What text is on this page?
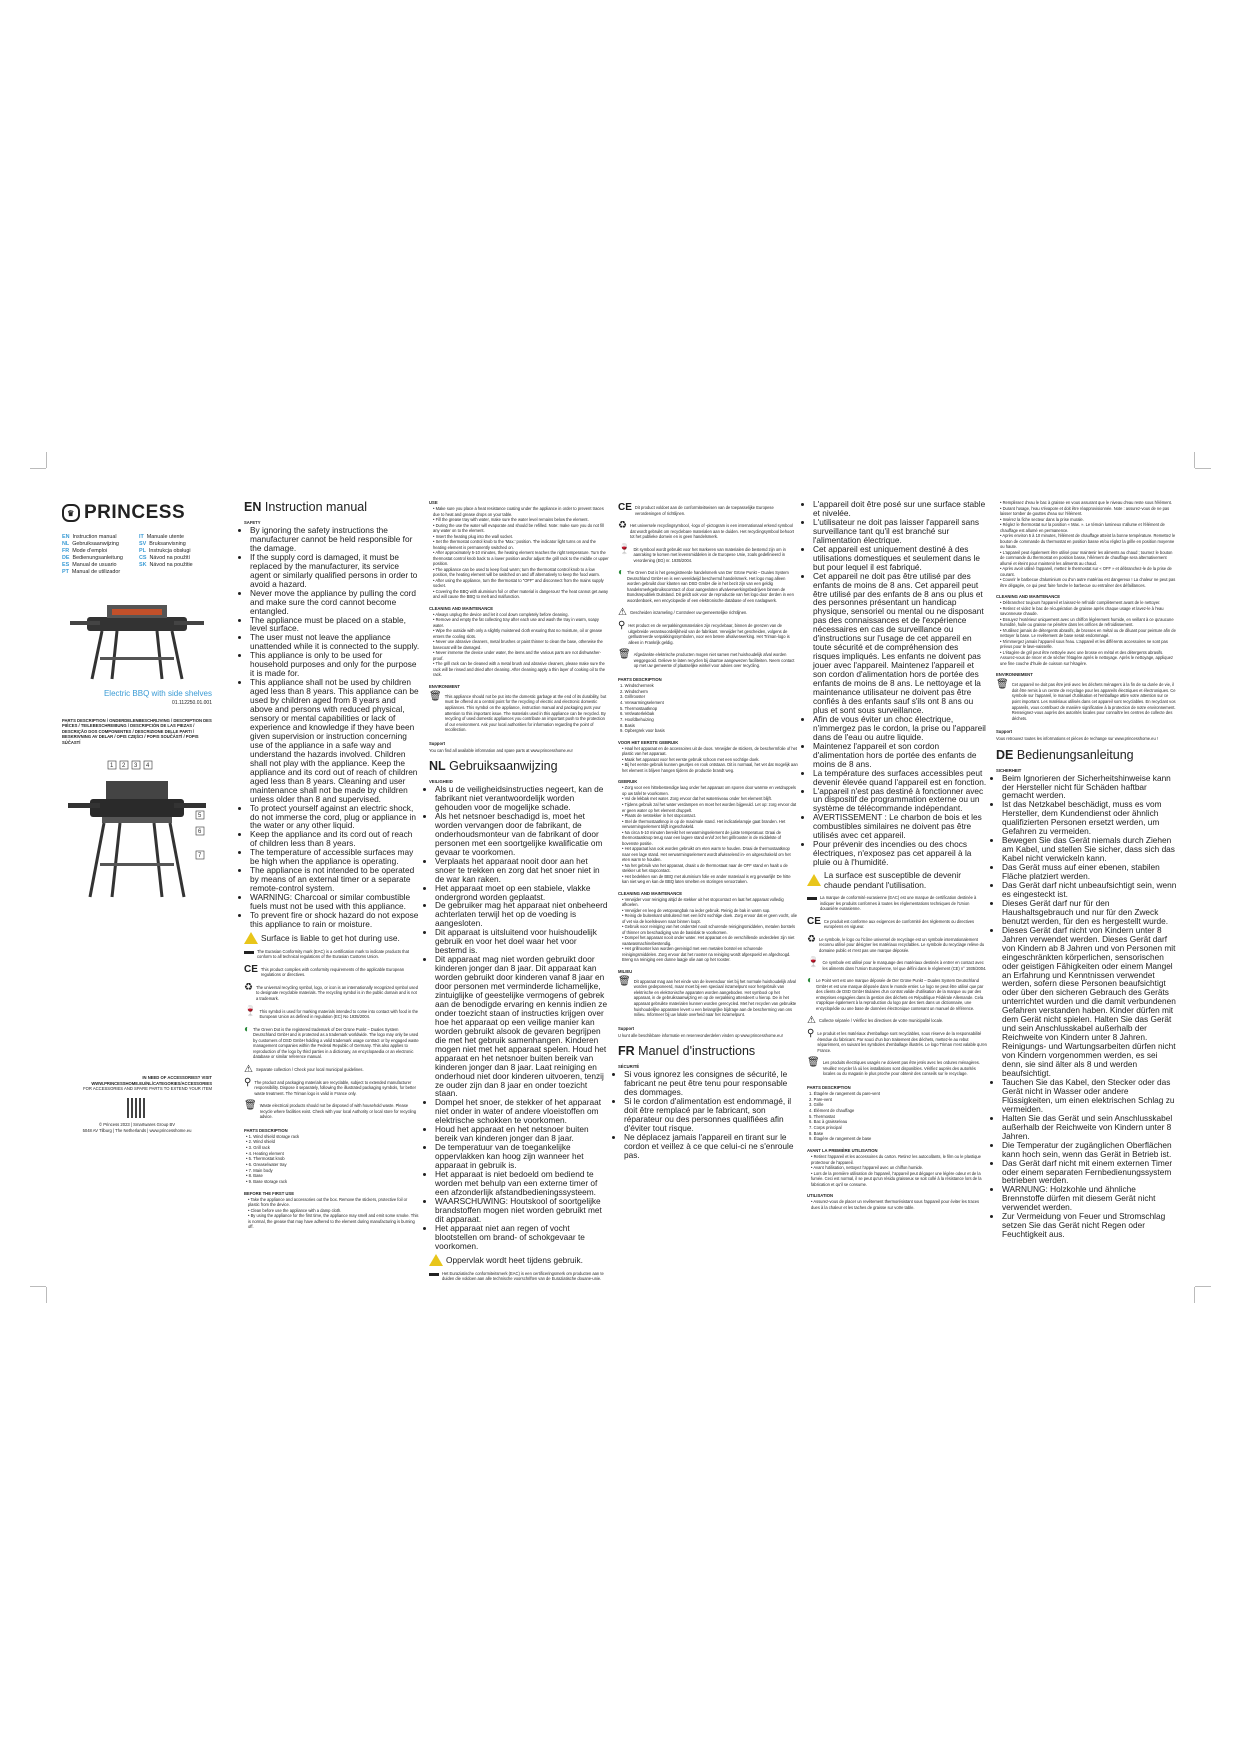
♛ PRINCESS
EN Instruction manual	IT Manuale utente
NL Gebruiksaanwijzing	SV Bruksanvisning
FR Mode d'emploi	PL Instrukcja obsługi
DE Bedienungsanleitung	CS Návod na použití
ES Manual de usuario	SK Návod na použitie
PT Manual de utilizador
Electric BBQ with side shelves
01.112250.01.001
PARTS DESCRIPTION / ONDERDELENBESCHRIJVING / DESCRIPTION DES PIÈCES / TEILEBESCHREIBUNG / DESCRIPCIÓN DE LAS PIEZAS / DESCRIÇÃO DOS COMPONENTES / DESCRIZIONE DELLE PARTI / BESKRIVNING AV DELAR / OPIS CZĘŚCI / POPIS SOUČÁSTÍ / POPIS SÚČASTÍ
1 2 3 4
5
6
7
IN NEED OF ACCESSORIES? VISIT
WWW.PRINCESSHOME.EU/NL/CATEGORIES/ACCESSORIES
FOR ACCESSORIES AND SPARE PARTS TO EXTEND YOUR ITEM
© Princess 2023 | Smartwares Group BV
5048 AV Tilburg | The Netherlands | www.princesshome.eu
EN Instruction manual
SAFETY
• By ignoring the safety instructions the manufacturer cannot be held responsible for the damage.
• If the supply cord is damaged, it must be replaced by the manufacturer, its service agent or similarly qualified persons in order to avoid a hazard.
• Never move the appliance by pulling the cord and make sure the cord cannot become entangled.
• The appliance must be placed on a stable, level surface.
• The user must not leave the appliance unattended while it is connected to the supply.
• This appliance is only to be used for household purposes and only for the purpose it is made for.
• This appliance shall not be used by children aged less than 8 years. This appliance can be used by children aged from 8 years and above and persons with reduced physical, sensory or mental capabilities or lack of experience and knowledge if they have been given supervision or instruction concerning use of the appliance in a safe way and understand the hazards involved. Children shall not play with the appliance. Keep the appliance and its cord out of reach of children aged less than 8 years. Cleaning and user maintenance shall not be made by children unless older than 8 and supervised.
• To protect yourself against an electric shock, do not immerse the cord, plug or appliance in the water or any other liquid.
• Keep the appliance and its cord out of reach of children less than 8 years.
• The temperature of accessible surfaces may be high when the appliance is operating.
• The appliance is not intended to be operated by means of an external timer or a separate remote-control system.
• WARNING: Charcoal or similar combustible fuels must not be used with this appliance.
• To prevent fire or shock hazard do not expose this appliance to rain or moisture.
Surface is liable to get hot during use.
▬ The Eurasian Conformity mark (EAC) is a certification mark to indicate products that conform to all technical regulations of the Eurasian Customs Union.
CE This product complies with conformity requirements of the applicable European regulations or directives.
♻ The universal recycling symbol, logo, or icon is an internationally recognized symbol used to designate recyclable materials. The recycling symbol is in the public domain and is not a trademark.
🍷 This symbol is used for marking materials intended to come into contact with food in the European Union as defined in regulation (EC) No 1935/2004.
◐ The Green Dot is the registered trademark of Der Grüne Punkt – Duales System Deutschland GmbH and is protected as a trademark worldwide. The logo may only be used by customers of DSD GmbH holding a valid trademark usage contract or by engaged waste management companies within the Federal Republic of Germany. This also applies to reproduction of the logo by third parties in a dictionary, an encyclopaedia or an electronic database or similar reference manual.
⚠ Separate collection / Check your local municipal guidelines.
⚲ The product and packaging materials are recyclable, subject to extended manufacturer responsibility. Dispose it separately, following the illustrated packaging symbols, for better waste treatment. The Triman logo is valid in France only.
🗑 Waste electrical products should not be disposed of with household waste. Please recycle where facilities exist. Check with your local Authority or local store for recycling advice.
PARTS DESCRIPTION
• 1. Wind shield storage rack
• 2. Wind shield
• 3. Grill rack
• 4. Heating element
• 5. Thermostat knob
• 6. Grease/water tray
• 7. Main body
• 8. Base
• 9. Base storage rack
BEFORE THE FIRST USE
• Take the appliance and accessories out the box. Remove the stickers, protective foil or plastic from the device.
• Clean before use the appliance with a damp cloth.
• By using the appliance for the first time, the appliance may smell and emit some smoke. This is normal, the grease that may have adhered to the element during manufacturing is burning off.
USE
• Make sure you place a heat resistance coating under the appliance in order to prevent traces due to heat and grease drops on your table.
• Fill the grease tray with water, make sure the water level remains below the element.
• During the use the water will evaporate and should be refilled. Note: make sure you do not fill any water on to the element.
• Insert the heating plug into the wall socket.
• Set the thermostat control knob to the 'Max.' position. The indicator light turns on and the heating element is permanently switched on.
• After approximately 5-10 minutes, the heating element reaches the right temperature. Turn the thermostat control knob back to a lower position and/or adjust the grill rack to the middle or upper position.
• The appliance can be used to keep food warm; turn the thermostat control knob to a low position, the heating element will be switched on and off alternatively to keep the food warm.
• After using the appliance, turn the thermostat to "OFF" and disconnect from the mains supply socket.
• Covering the BBQ with aluminium foil or other material is dangerous! The heat cannot get away and will cause the BBQ to melt and malfunction.
CLEANING AND MAINTENANCE
• Always unplug the device and let it cool down completely before cleaning.
• Remove and empty the fat collecting tray after each use and wash the tray in warm, soapy water.
• Wipe the outside with only a slightly moistened cloth ensuring that no moisture, oil or grease enters the cooling slots.
• Never use abrasive cleaners, metal brushes or paint thinner to clean the base, otherwise the basecoat will be damaged.
• Never immerse the device under water, the items and the various parts are not dishwasher-proof.
• The grill rack can be cleaned with a metal brush and abrasive cleaners, please make sure the rack will be rinsed and dried after cleaning. After cleaning apply a thin layer of cooking oil to the rack.
ENVIRONMENT
🗑 This appliance should not be put into the domestic garbage at the end of its durability, but must be offered at a central point for the recycling of electric and electronic domestic appliances. This symbol on the appliance, instruction manual and packaging puts your attention to this important issue. The materials used in this appliance can be recycled. By recycling of used domestic appliances you contribute an important push to the protection of our environment. Ask your local authorities for information regarding the point of recollection.
Support
You can find all available information and spare parts at www.princesshome.eu!
NL Gebruiksaanwijzing
VEILIGHEID
• Als u de veiligheidsinstructies negeert, kan de fabrikant niet verantwoordelijk worden gehouden voor de mogelijke schade.
• Als het netsnoer beschadigd is, moet het worden vervangen door de fabrikant, de onderhoudsmonteur van de fabrikant of door personen met een soortgelijke kwalificatie om gevaar te voorkomen.
• Verplaats het apparaat nooit door aan het snoer te trekken en zorg dat het snoer niet in de war kan raken.
• Het apparaat moet op een stabiele, vlakke ondergrond worden geplaatst.
• De gebruiker mag het apparaat niet onbeheerd achterlaten terwijl het op de voeding is aangesloten.
• Dit apparaat is uitsluitend voor huishoudelijk gebruik en voor het doel waar het voor bestemd is.
• Dit apparaat mag niet worden gebruikt door kinderen jonger dan 8 jaar. Dit apparaat kan worden gebruikt door kinderen vanaf 8 jaar en door personen met verminderde lichamelijke, zintuiglijke of geestelijke vermogens of gebrek aan de benodigde ervaring en kennis indien ze onder toezicht staan of instructies krijgen over hoe het apparaat op een veilige manier kan worden gebruikt alsook de gevaren begrijpen die met het gebruik samenhangen. Kinderen mogen niet met het apparaat spelen. Houd het apparaat en het netsnoer buiten bereik van kinderen jonger dan 8 jaar. Laat reiniging en onderhoud niet door kinderen uitvoeren, tenzij ze ouder zijn dan 8 jaar en onder toezicht staan.
• Dompel het snoer, de stekker of het apparaat niet onder in water of andere vloeistoffen om elektrische schokken te voorkomen.
• Houd het apparaat en het netsnoer buiten bereik van kinderen jonger dan 8 jaar.
• De temperatuur van de toegankelijke oppervlakken kan hoog zijn wanneer het apparaat in gebruik is.
• Het apparaat is niet bedoeld om bediend te worden met behulp van een externe timer of een afzonderlijk afstandbedieningssysteem.
• WAARSCHUWING: Houtskool of soortgelijke brandstoffen mogen niet worden gebruikt met dit apparaat.
• Het apparaat niet aan regen of vocht blootstellen om brand- of schokgevaar te voorkomen.
Oppervlak wordt heet tijdens gebruik.
▬ Het Euraziatische conformiteitsmerk (EAC) is een certificeringsmerk om producten aan te duiden die voldoen aan alle technische voorschriften van de Euraziatische douane-unie.
CE Dit product voldoet aan de conformiteitseisen van de toepasselijke Europese verordeningen of richtlijnen.
♻ Het universele recyclingsymbool, -logo of -pictogram is een internationaal erkend symbool dat wordt gebruikt om recyclebare materialen aan te duiden. Het recyclingsymbool behoort tot het publieke domein en is geen handelsmerk.
🍷 Dit symbool wordt gebruikt voor het markeren van materialen die bestemd zijn om in aanraking te komen met levensmiddelen in de Europese Unie, zoals gedefinieerd in verordening (EG) nr. 1935/2004.
◐ The Green Dot is het geregistreerde handelsmerk van Der Grüne Punkt – Duales System Deutschland GmbH en is een wereldwijd beschermd handelsmerk. Het logo mag alleen worden gebruikt door klanten van DSD GmbH die in het bezit zijn van een geldig handelsmerkgebruikscontract of door aangesloten afvalverwerkingsbedrijven binnen de Bondsrepubliek Duitsland. Dit geldt ook voor de reproductie van het logo door derden in een woordenboek, een encyclopedie of een elektronische database of een naslagwerk.
⚠ Gescheiden inzameling / Controleer uw gemeentelijke richtlijnen.
⚲ Het product en de verpakkingsmaterialen zijn recyclebaar, binnen de grenzen van de uitgebreide verantwoordelijkheid van de fabrikant. Verwijder het gescheiden, volgens de geïllustreerde verpakkingssymbolen, voor een betere afvalverwerking. Het Triman-logo is alleen in Frankrijk geldig.
🗑 Afgedankte elektrische producten mogen niet samen met huishoudelijk afval worden weggegooid. Gelieve te laten recyclen bij daartoe aangewezen faciliteiten. Neem contact op met uw gemeente of plaatselijke winkel voor advies over recycling.
PARTS DESCRIPTION
1. Windschermrek
2. Windscherm
3. Grillrooster
4. Verwarmingselement
5. Thermostaatknop
6. Vet/waterlekbak
7. Hoofdbehuizing
8. Basis
9. Opbergrek voor basis
VOOR HET EERSTE GEBRUIK
• Haal het apparaat en de accessoires uit de doos. Verwijder de stickers, de beschermfolie of het plastic van het apparaat.
• Maak het apparaat voor het eerste gebruik schoon met een vochtige doek.
• Bij het eerste gebruik kunnen geurtjes en rook ontstaan. Dit is normaal, het vet dat mogelijk aan het element is blijven hangen tijdens de productie brandt weg.
GEBRUIK
• Zorg voor een hittebestendige laag onder het apparaat om sporen door warmte en vetdruppels op uw tafel te voorkomen.
• Vul de lekbak met water. Zorg ervoor dat het waterniveau onder het element blijft.
• Tijdens gebruik zal het water verdampen en moet het worden bijgevuld. Let op: zorg ervoor dat er geen water op het element druppelt.
• Plaats de netstekker in het stopcontact.
• Stel de thermostaatknop in op de maximale stand. Het indicatielampje gaat branden. Het verwarmingselement blijft ingeschakeld.
• Na circa 5-10 minuten bereikt het verwarmingselement de juiste temperatuur. Draai de thermostaatknop terug naar een lagere stand en/of zet het grillrooster in de middelste of bovenste positie.
• Het apparaat kan ook worden gebruikt om eten warm te houden. Draai de thermostaatknop naar een lage stand. Het verwarmingselement wordt afwisselend in- en uitgeschakeld om het eten warm te houden.
• Na het gebruik van het apparaat, draait u de thermostaat naar de OFF stand en haalt u de stekker uit het stopcontact.
• Het bedekken van de BBQ met aluminium folie en ander materiaal is erg gevaarlijk! De hitte kan niet weg en kan de BBQ laten smelten en storingen veroorzaken.
CLEANING AND MAINTENANCE
• Verwijder voor reiniging altijd de stekker uit het stopcontact en laat het apparaat volledig afkoelen.
• Verwijder en leeg de vetopvangbak na ieder gebruik. Reinig de bak in warm sop.
• Reinig de buitenkant uitsluitend met een licht vochtige doek. Zorg ervoor dat er geen vocht, olie of vet via de koelsleuven naar binnen loopt.
• Gebruik voor reiniging van het onderstel nooit schurende reinigingsmiddelen, metalen borstels of thinner om beschadiging van de basislak te voorkomen.
• Dompel het apparaat nooit onder water. Het apparaat en de verschillende onderdelen zijn niet vaatwasmachinebestendig.
• Het grillrooster kan worden gereinigd met een metalen borstel en schurende reinigingsmiddelen. Zorg ervoor dat het rooster na reiniging wordt afgespoeld en afgedroogd. Breng na reiniging een dunne laagje olie aan op het rooster.
MILIEU
🗑 Dit apparaat mag aan het einde van de levensduur niet bij het normale huishoudelijk afval worden gedeponeerd, maar moet bij een speciaal inzamelpunt voor hergebruik van elektrische en elektronische apparaten worden aangeboden. Het symbool op het apparaat, in de gebruiksaanwijzing en op de verpakking attendeert u hierop. De in het apparaat gebruikte materialen kunnen worden gerecycled. Met het recyclen van gebruikte huishoudelijke apparaten levert u een belangrijke bijdrage aan de bescherming van ons milieu. Informeer bij uw lokale overheid naar het inzamelpunt.
Support
U kunt alle beschikbare informatie en reserveonderdelen vinden op www.princesshome.eu!
FR Manuel d'instructions
SÉCURITÉ
• Si vous ignorez les consignes de sécurité, le fabricant ne peut être tenu pour responsable des dommages.
• Si le cordon d'alimentation est endommagé, il doit être remplacé par le fabricant, son réparateur ou des personnes qualifiées afin d'éviter tout risque.
• Ne déplacez jamais l'appareil en tirant sur le cordon et veillez à ce que celui-ci ne s'enroule pas.
• L'appareil doit être posé sur une surface stable et nivelée.
• L'utilisateur ne doit pas laisser l'appareil sans surveillance tant qu'il est branché sur l'alimentation électrique.
• Cet appareil est uniquement destiné à des utilisations domestiques et seulement dans le but pour lequel il est fabriqué.
• Cet appareil ne doit pas être utilisé par des enfants de moins de 8 ans. Cet appareil peut être utilisé par des enfants de 8 ans ou plus et des personnes présentant un handicap physique, sensoriel ou mental ou ne disposant pas des connaissances et de l'expérience nécessaires en cas de surveillance ou d'instructions sur l'usage de cet appareil en toute sécurité et de compréhension des risques impliqués. Les enfants ne doivent pas jouer avec l'appareil. Maintenez l'appareil et son cordon d'alimentation hors de portée des enfants de moins de 8 ans. Le nettoyage et la maintenance utilisateur ne doivent pas être confiés à des enfants sauf s'ils ont 8 ans ou plus et sont sous surveillance.
• Afin de vous éviter un choc électrique, n'immergez pas le cordon, la prise ou l'appareil dans de l'eau ou autre liquide.
• Maintenez l'appareil et son cordon d'alimentation hors de portée des enfants de moins de 8 ans.
• La température des surfaces accessibles peut devenir élevée quand l'appareil est en fonction.
• L'appareil n'est pas destiné à fonctionner avec un dispositif de programmation externe ou un système de télécommande indépendant.
• AVERTISSEMENT : Le charbon de bois et les combustibles similaires ne doivent pas être utilisés avec cet appareil.
• Pour prévenir des incendies ou des chocs électriques, n'exposez pas cet appareil à la pluie ou à l'humidité.
La surface est susceptible de devenir chaude pendant l'utilisation.
▬ La marque de conformité eurasienne (EAC) est une marque de certification destinée à indiquer les produits conformes à toutes les réglementations techniques de l'Union douanière eurasienne.
CE Ce produit est conforme aux exigences de conformité des règlements ou directives européens en vigueur.
♻ Le symbole, le logo ou l'icône universel de recyclage est un symbole internationalement reconnu utilisé pour désigner les matériaux recyclables. Le symbole du recyclage relève du domaine public et n'est pas une marque déposée.
🍷 Ce symbole est utilisé pour le marquage des matériaux destinés à entrer en contact avec les aliments dans l'Union Européenne, tel que défini dans le règlement (CE) n° 1935/2004.
◐ Le Point vert est une marque déposée de Der Grüne Punkt – Duales System Deutschland GmbH et est une marque déposée dans le monde entier. Le logo ne peut être utilisé que par des clients de DSD GmbH titulaires d'un contrat valide d'utilisation de la marque ou par des entreprises engagées dans la gestion des déchets en République Fédérale Allemande. Cela s'applique également à la reproduction du logo par des tiers dans un dictionnaire, une encyclopédie ou une base de données électronique contenant un manuel de référence.
⚠ Collecte séparée / Vérifiez les directives de votre municipalité locale.
⚲ Le produit et les matériaux d'emballage sont recyclables, sous réserve de la responsabilité étendue du fabricant. Par souci d'un bon traitement des déchets, mettez-le au rebut séparément, en suivant les symboles d'emballage illustrés. Le logo Triman n'est valable qu'en France.
🗑 Les produits électriques usagés ne doivent pas être jetés avec les ordures ménagères. Veuillez recycler là où les installations sont disponibles. Vérifiez auprès des autorités locales ou du magasin le plus proche pour obtenir des conseils sur le recyclage.
PARTS DESCRIPTION
1. Étagère de rangement du pare-vent
2. Pare-vent
3. Grille
4. Élément de chauffage
5. Thermostat
6. Bac à graisse/eau
7. Corps principal
8. Base
9. Étagère de rangement de base
AVANT LA PREMIÈRE UTILISATION
• Retirez l'appareil et les accessoires du carton. Retirez les autocollants, le film ou le plastique protecteur de l'appareil.
• Avant l'utilisation, nettoyez l'appareil avec un chiffon humide.
• Lors de la première utilisation de l'appareil, l'appareil peut dégager une légère odeur et de la fumée. Ceci est normal, il se peut qu'un résidu graisseux se soit collé à la résistance lors de la fabrication et qu'il se consume.
UTILISATION
• Assurez-vous de placer un revêtement thermorésistant sous l'appareil pour éviter les traces dues à la chaleur et les taches de graisse sur votre table.
• Remplissez d'eau le bac à graisse en vous assurant que le niveau d'eau reste sous l'élément.
• Durant l'usage, l'eau s'évapore et doit être réapprovisionnée. Note : assurez-vous de ne pas laisser tomber de gouttes d'eau sur l'élément.
• Insérez la fiche secteur dans la prise murale.
• Réglez le thermostat sur la position « Max. ». Le témoin lumineux s'allume et l'élément de chauffage est allumé en permanence.
• Après environ 5 à 10 minutes, l'élément de chauffage atteint la bonne température. Remettez le bouton de commande du thermostat en position basse et/ou réglez la grille en position moyenne ou haute.
• L'appareil peut également être utilisé pour maintenir les aliments au chaud ; tournez le bouton de commande du thermostat en position basse, l'élément de chauffage sera alternativement allumé et éteint pour maintenir les aliments au chaud.
• Après avoir utilisé l'appareil, mettez le thermostat sur « OFF » et débranchez-le de la prise de courant.
• Couvrir le barbecue d'aluminium ou d'un autre matériau est dangereux ! La chaleur ne peut pas être dégagée, ce qui peut faire fondre le barbecue ou entraîner des défaillances.
CLEANING AND MAINTENANCE
• Débranchez toujours l'appareil et laissez-le refroidir complètement avant de le nettoyer.
• Retirez et videz le bac de récupération de graisse après chaque usage et lavez-le à l'eau savonneuse chaude.
• Essuyez l'extérieur uniquement avec un chiffon légèrement humide, en veillant à ce qu'aucune humidité, huile ou graisse ne pénètre dans les orifices de refroidissement.
• N'utilisez jamais de détergents abrasifs, de brosses en métal ou de diluant pour peinture afin de nettoyer la base. Le revêtement de base serait endommagé.
• N'immergez jamais l'appareil sous l'eau. L'appareil et les différents accessoires ne sont pas prévus pour le lave-vaisselle.
• L'étagère de gril peut être nettoyée avec une brosse en métal et des détergents abrasifs. Assurez-vous de rincer et de sécher l'étagère après le nettoyage. Après le nettoyage, appliquez une fine couche d'huile de cuisson sur l'étagère.
ENVIRONNEMENT
🗑 Cet appareil ne doit pas être jeté avec les déchets ménagers à la fin de sa durée de vie, il doit être remis à un centre de recyclage pour les appareils électriques et électroniques. Ce symbole sur l'appareil, le manuel d'utilisation et l'emballage attire votre attention sur ce point important. Les matériaux utilisés dans cet appareil sont recyclables. En recyclant vos appareils, vous contribuez de manière significative à la protection de notre environnement. Renseignez-vous auprès des autorités locales pour connaître les centres de collecte des déchets.
Support
Vous retrouvez toutes les informations et pièces de rechange sur www.princesshome.eu !
DE Bedienungsanleitung
SICHERHEIT
• Beim Ignorieren der Sicherheitshinweise kann der Hersteller nicht für Schäden haftbar gemacht werden.
• Ist das Netzkabel beschädigt, muss es vom Hersteller, dem Kundendienst oder ähnlich qualifizierten Personen ersetzt werden, um Gefahren zu vermeiden.
• Bewegen Sie das Gerät niemals durch Ziehen am Kabel, und stellen Sie sicher, dass sich das Kabel nicht verwickeln kann.
• Das Gerät muss auf einer ebenen, stabilen Fläche platziert werden.
• Das Gerät darf nicht unbeaufsichtigt sein, wenn es eingesteckt ist.
• Dieses Gerät darf nur für den Haushaltsgebrauch und nur für den Zweck benutzt werden, für den es hergestellt wurde.
• Dieses Gerät darf nicht von Kindern unter 8 Jahren verwendet werden. Dieses Gerät darf von Kindern ab 8 Jahren und von Personen mit eingeschränkten körperlichen, sensorischen oder geistigen Fähigkeiten oder einem Mangel an Erfahrung und Kenntnissen verwendet werden, sofern diese Personen beaufsichtigt oder über den sicheren Gebrauch des Geräts unterrichtet wurden und die damit verbundenen Gefahren verstanden haben. Kinder dürfen mit dem Gerät nicht spielen. Halten Sie das Gerät und sein Anschlusskabel außerhalb der Reichweite von Kindern unter 8 Jahren. Reinigungs- und Wartungsarbeiten dürfen nicht von Kindern vorgenommen werden, es sei denn, sie sind älter als 8 und werden beaufsichtigt.
• Tauchen Sie das Kabel, den Stecker oder das Gerät nicht in Wasser oder andere Flüssigkeiten, um einen elektrischen Schlag zu vermeiden.
• Halten Sie das Gerät und sein Anschlusskabel außerhalb der Reichweite von Kindern unter 8 Jahren.
• Die Temperatur der zugänglichen Oberflächen kann hoch sein, wenn das Gerät in Betrieb ist.
• Das Gerät darf nicht mit einem externen Timer oder einem separaten Fernbedienungssystem betrieben werden.
• WARNUNG: Holzkohle und ähnliche Brennstoffe dürfen mit diesem Gerät nicht verwendet werden.
• Zur Vermeidung von Feuer und Stromschlag setzen Sie das Gerät nicht Regen oder Feuchtigkeit aus.
